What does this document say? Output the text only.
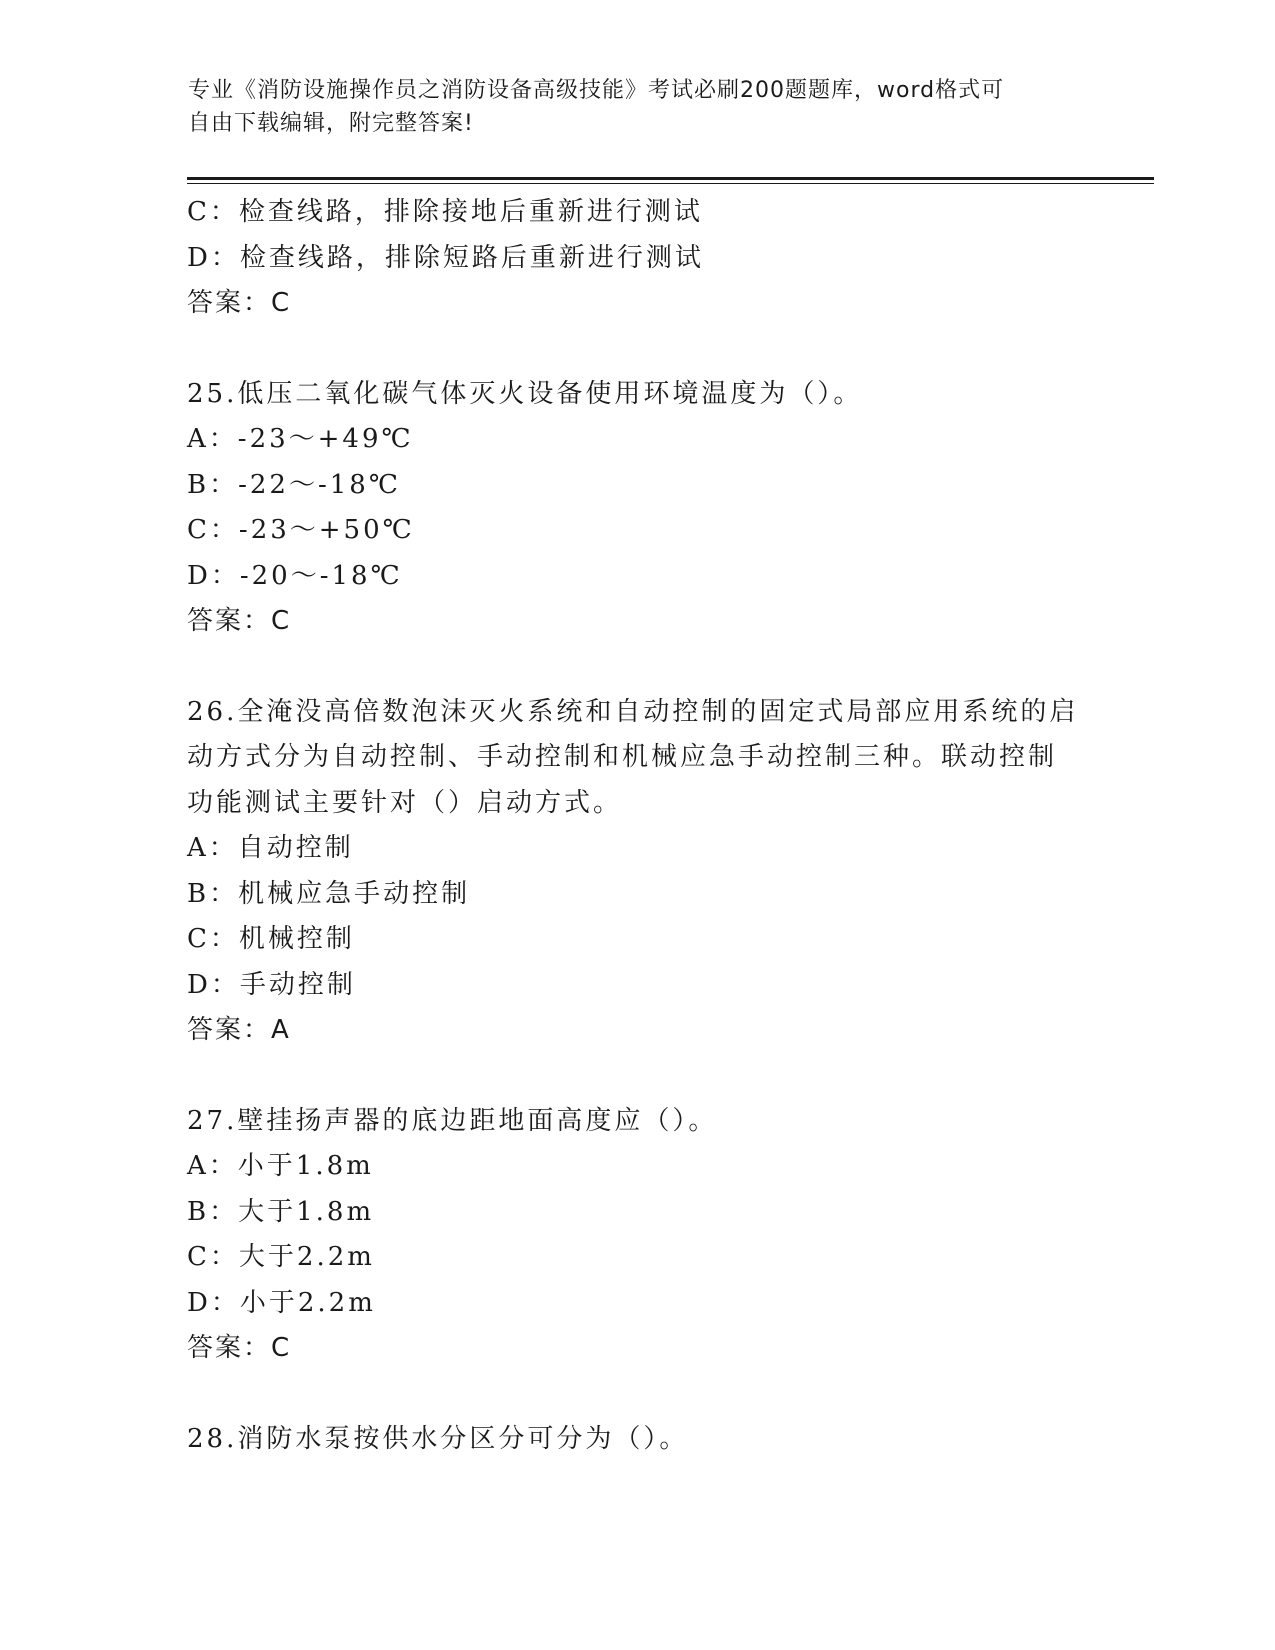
专业《消防设施操作员之消防设备高级技能》考试必刷200题题库，word格式可
自由下载编辑，附完整答案!
C：检查线路，排除接地后重新进行测试
D：检查线路，排除短路后重新进行测试
答案：C
25.低压二氧化碳气体灭火设备使用环境温度为（）。
A：-23～+49℃
B：-22～-18℃
C：-23～+50℃
D：-20～-18℃
答案：C
26.全淹没高倍数泡沫灭火系统和自动控制的固定式局部应用系统的启
动方式分为自动控制、手动控制和机械应急手动控制三种。联动控制
功能测试主要针对（）启动方式。
A：自动控制
B：机械应急手动控制
C：机械控制
D：手动控制
答案：A
27.壁挂扬声器的底边距地面高度应（）。
A：小于1.8m
B：大于1.8m
C：大于2.2m
D：小于2.2m
答案：C
28.消防水泵按供水分区分可分为（）。
